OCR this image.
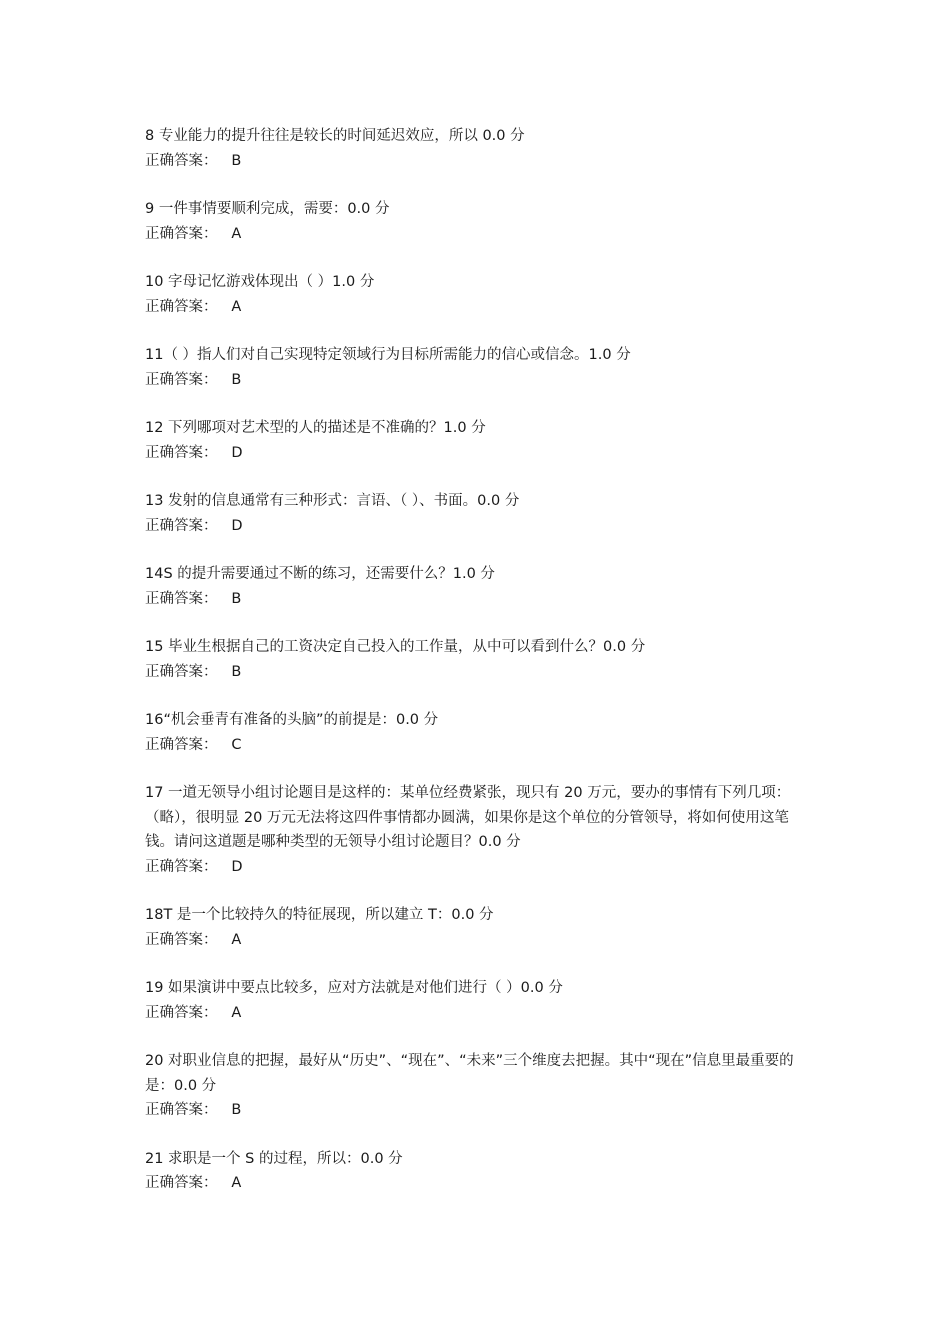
8 专业能力的提升往往是较长的时间延迟效应，所以 0.0 分

正确答案： B

9 一件事情要顺利完成，需要：0.0 分

正确答案： A

10 字母记忆游戏体现出（ ）1.0 分

正确答案： A

11（ ）指人们对自己实现特定领域行为目标所需能力的信心或信念。1.0 分

正确答案： B

12 下列哪项对艺术型的人的描述是不准确的？1.0 分

正确答案： D

13 发射的信息通常有三种形式：言语、（ ）、书面。0.0 分

正确答案： D

14S 的提升需要通过不断的练习，还需要什么？1.0 分

正确答案： B

15 毕业生根据自己的工资决定自己投入的工作量，从中可以看到什么？0.0 分

正确答案： B

16“机会垂青有准备的头脑”的前提是：0.0 分

正确答案： C

17 一道无领导小组讨论题目是这样的：某单位经费紧张，现只有 20 万元，要办的事情有下列几项：（略），很明显 20 万元无法将这四件事情都办圆满，如果你是这个单位的分管领导，将如何使用这笔钱。请问这道题是哪种类型的无领导小组讨论题目？0.0 分

正确答案： D

18T 是一个比较持久的特征展现，所以建立 T：0.0 分

正确答案： A

19 如果演讲中要点比较多，应对方法就是对他们进行（ ）0.0 分

正确答案： A

20 对职业信息的把握，最好从“历史”、“现在”、“未来”三个维度去把握。其中“现在”信息里最重要的是：0.0 分

正确答案： B

21 求职是一个 S 的过程，所以：0.0 分

正确答案： A
